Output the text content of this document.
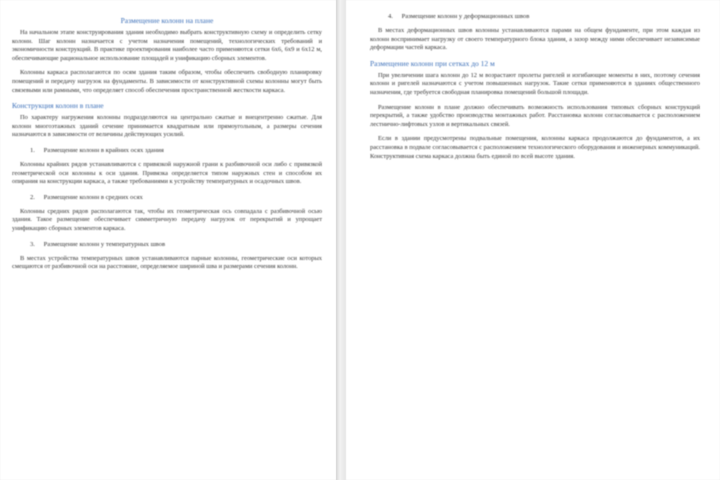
Размещение колонн на плане

На начальном этапе конструирования здания необходимо выбрать конструктивную схему и определить сетку колонн. Шаг колонн назначается с учетом назначения помещений, технологических требований и экономичности конструкций. В практике проектирования наиболее часто применяются сетки 6х6, 6х9 и 6х12 м, обеспечивающие рациональное использование площадей и унификацию сборных элементов.

Колонны каркаса располагаются по осям здания таким образом, чтобы обеспечить свободную планировку помещений и передачу нагрузок на фундаменты. В зависимости от конструктивной схемы колонны могут быть связевыми или рамными, что определяет способ обеспечения пространственной жесткости каркаса.

Конструкция колонн в плане

По характеру нагружения колонны подразделяются на центрально сжатые и внецентренно сжатые. Для колонн многоэтажных зданий сечение принимается квадратным или прямоугольным, а размеры сечения назначаются в зависимости от величины действующих усилий.

1. Размещение колонн в крайних осях здания

Колонны крайних рядов устанавливаются с привязкой наружной грани к разбивочной оси либо с привязкой геометрической оси колонны к оси здания. Привязка определяется типом наружных стен и способом их опирания на конструкции каркаса, а также требованиями к устройству температурных и осадочных швов.

2. Размещение колонн в средних осях

Колонны средних рядов располагаются так, чтобы их геометрическая ось совпадала с разбивочной осью здания. Такое размещение обеспечивает симметричную передачу нагрузок от перекрытий и упрощает унификацию сборных элементов каркаса.

3. Размещение колонн у температурных швов

В местах устройства температурных швов устанавливаются парные колонны, геометрические оси которых смещаются от разбивочной оси на расстояние, определяемое шириной шва и размерами сечения колонн.

4. Размещение колонн у деформационных швов

В местах деформационных швов колонны устанавливаются парами на общем фундаменте, при этом каждая из колонн воспринимает нагрузку от своего температурного блока здания, а зазор между ними обеспечивает независимые деформации частей каркаса.

Размещение колонн при сетках до 12 м

При увеличении шага колонн до 12 м возрастают пролеты ригелей и изгибающие моменты в них, поэтому сечения колонн и ригелей назначаются с учетом повышенных нагрузок. Такие сетки применяются в зданиях общественного назначения, где требуется свободная планировка помещений большой площади.

Размещение колонн в плане должно обеспечивать возможность использования типовых сборных конструкций перекрытий, а также удобство производства монтажных работ. Расстановка колонн согласовывается с расположением лестнично-лифтовых узлов и вертикальных связей.

Если в здании предусмотрены подвальные помещения, колонны каркаса продолжаются до фундаментов, а их расстановка в подвале согласовывается с расположением технологического оборудования и инженерных коммуникаций. Конструктивная схема каркаса должна быть единой по всей высоте здания.
